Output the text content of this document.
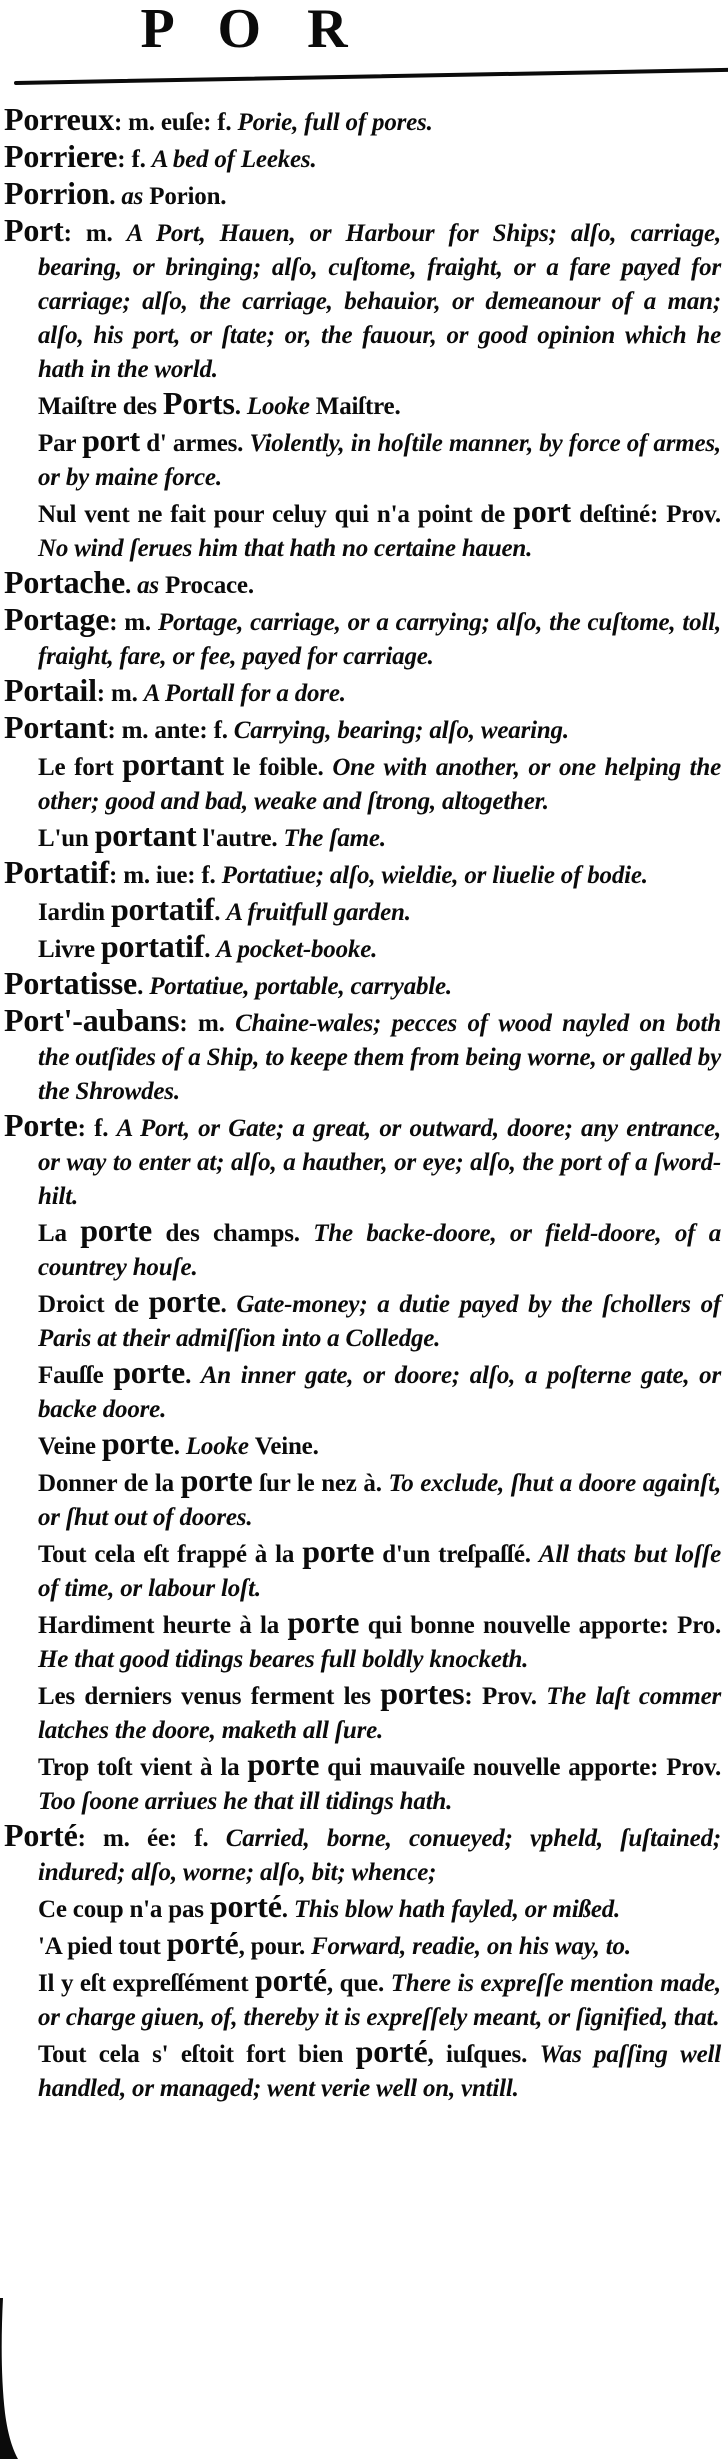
P O R

Porreux: m. euſe: f. Porie, full of pores.

Porriere: f. A bed of Leekes.

Porrion. as Porion.

Port: m. A Port, Hauen, or Harbour for Ships; alſo, carriage, bearing, or bringing; alſo, cuſtome, fraight, or a fare payed for carriage; alſo, the carriage, behauior, or demeanour of a man; alſo, his port, or ſtate; or, the fauour, or good opinion which he hath in the world.

Maiſtre des Ports. Looke Maiſtre.

Par port d' armes. Violently, in hoſtile manner, by force of armes, or by maine force.

Nul vent ne fait pour celuy qui n'a point de port deſtiné: Prov. No wind ſerues him that hath no certaine hauen.

Portache. as Procace.

Portage: m. Portage, carriage, or a carrying; alſo, the cuſtome, toll, fraight, fare, or fee, payed for carriage.

Portail: m. A Portall for a dore.

Portant: m. ante: f. Carrying, bearing; alſo, wearing.

Le fort portant le foible. One with another, or one helping the other; good and bad, weake and ſtrong, altogether.

L'un portant l'autre. The ſame.

Portatif: m. iue: f. Portatiue; alſo, wieldie, or liuelie of bodie.

Iardin portatif. A fruitfull garden.

Livre portatif. A pocket-booke.

Portatisse. Portatiue, portable, carryable.

Port'-aubans: m. Chaine-wales; pecces of wood nayled on both the outſides of a Ship, to keepe them from being worne, or galled by the Shrowdes.

Porte: f. A Port, or Gate; a great, or outward, doore; any entrance, or way to enter at; alſo, a hauther, or eye; alſo, the port of a ſword-hilt.

La porte des champs. The backe-doore, or field-doore, of a countrey houſe.

Droict de porte. Gate-money; a dutie payed by the ſchollers of Paris at their admiſſion into a Colledge.

Fauſſe porte. An inner gate, or doore; alſo, a poſterne gate, or backe doore.

Veine porte. Looke Veine.

Donner de la porte ſur le nez à. To exclude, ſhut a doore againſt, or ſhut out of doores.

Tout cela eſt frappé à la porte d'un treſpaſſé. All thats but loſſe of time, or labour loſt.

Hardiment heurte à la porte qui bonne nouvelle apporte: Pro. He that good tidings beares full boldly knocketh.

Les derniers venus ferment les portes: Prov. The laſt commer latches the doore, maketh all ſure.

Trop toſt vient à la porte qui mauvaiſe nouvelle apporte: Prov. Too ſoone arriues he that ill tidings hath.

Porté: m. ée: f. Carried, borne, conueyed; vpheld, ſuſtained; indured; alſo, worne; alſo, bit; whence;

Ce coup n'a pas porté. This blow hath fayled, or mißed.

'A pied tout porté, pour. Forward, readie, on his way, to.

Il y eſt expreſſément porté, que. There is expreſſe mention made, or charge giuen, of, thereby it is expreſſely meant, or ſignified, that.

Tout cela s' eſtoit fort bien porté, iuſques. Was paſſing well handled, or managed; went verie well on, vntill.
